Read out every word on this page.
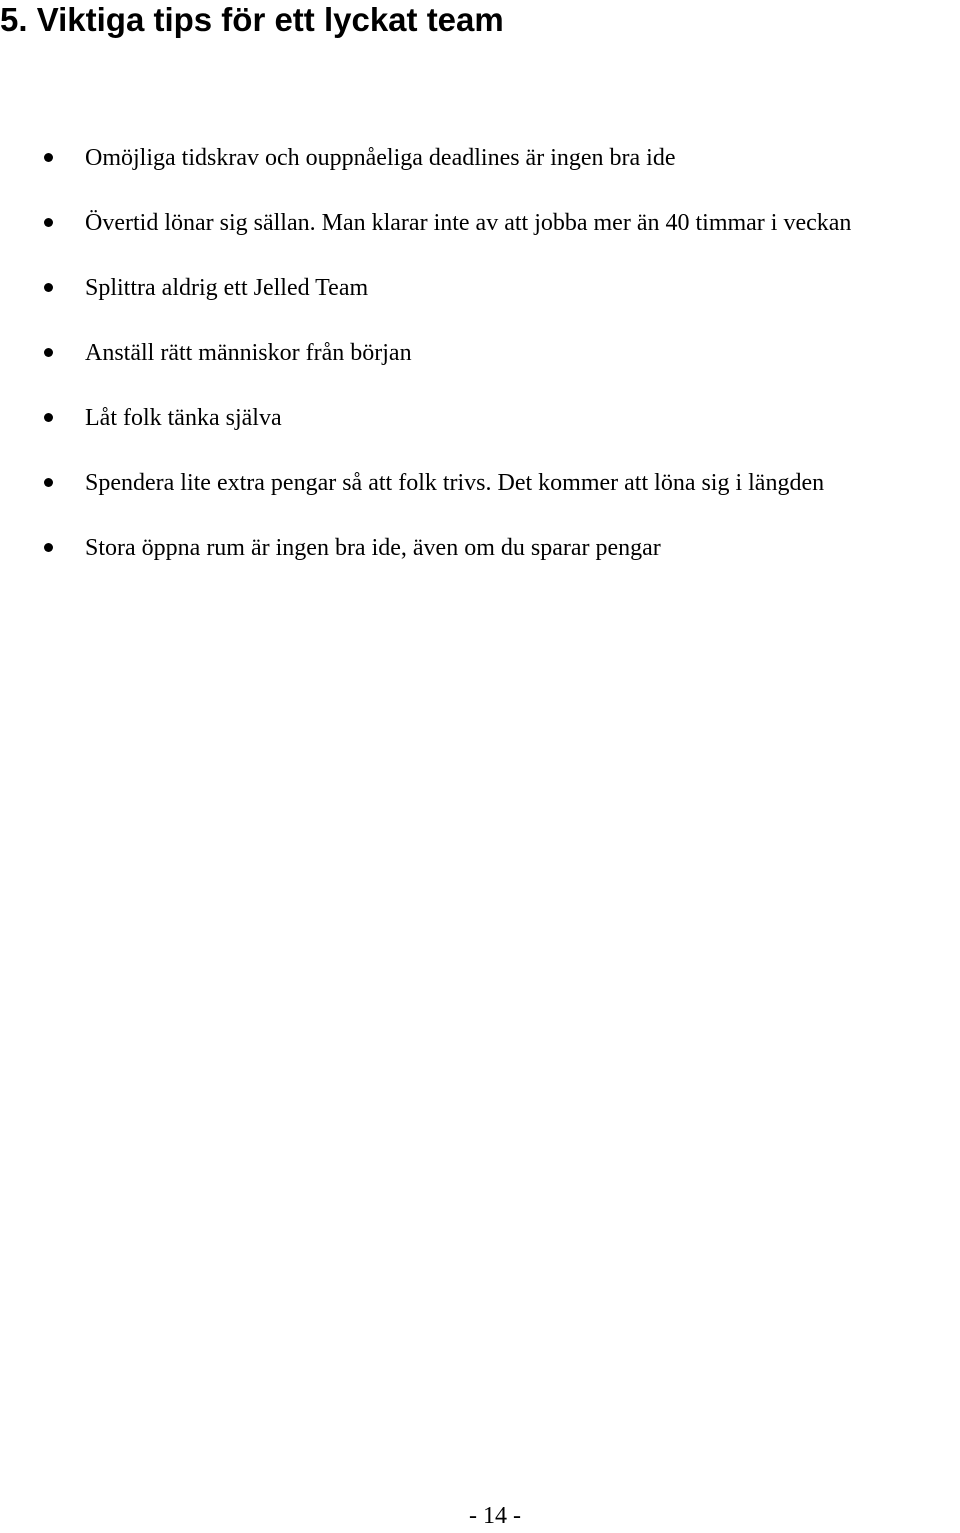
5. Viktiga tips för ett lyckat team
Omöjliga tidskrav och ouppnåeliga deadlines är ingen bra ide
Övertid lönar sig sällan. Man klarar inte av att jobba mer än 40 timmar i veckan
Splittra aldrig ett Jelled Team
Anställ rätt människor från början
Låt folk tänka själva
Spendera lite extra pengar så att folk trivs. Det kommer att löna sig i längden
Stora öppna rum är ingen bra ide, även om du sparar pengar
- 14 -
